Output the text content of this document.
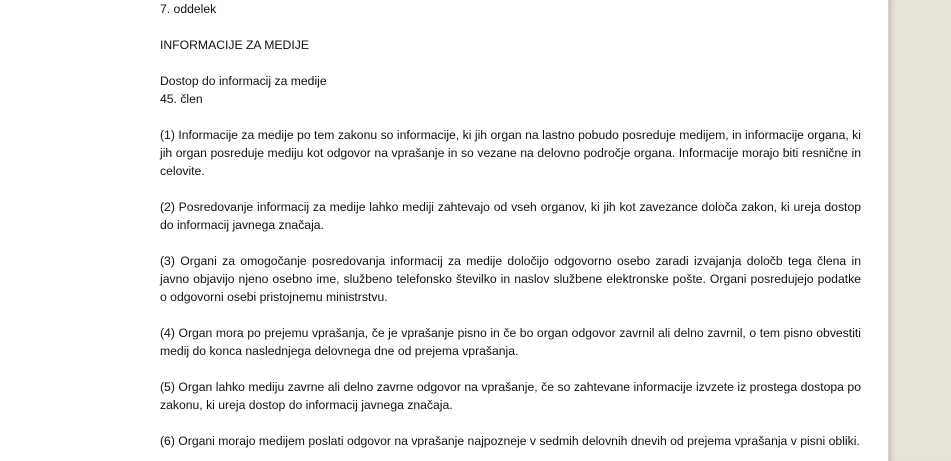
7. oddelek
INFORMACIJE ZA MEDIJE
Dostop do informacij za medije
45. člen

(1) Informacije za medije po tem zakonu so informacije, ki jih organ na lastno pobudo posreduje medijem, in informacije organa, ki jih organ posreduje mediju kot odgovor na vprašanje in so vezane na delovno področje organa. Informacije morajo biti resnične in celovite.

(2) Posredovanje informacij za medije lahko mediji zahtevajo od vseh organov, ki jih kot zavezance določa zakon, ki ureja dostop do informacij javnega značaja.

(3) Organi za omogočanje posredovanja informacij za medije določijo odgovorno osebo zaradi izvajanja določb tega člena in javno objavijo njeno osebno ime, službeno telefonsko številko in naslov službene elektronske pošte. Organi posredujejo podatke o odgovorni osebi pristojnemu ministrstvu.

(4) Organ mora po prejemu vprašanja, če je vprašanje pisno in če bo organ odgovor zavrnil ali delno zavrnil, o tem pisno obvestiti medij do konca naslednjega delovnega dne od prejema vprašanja.

(5) Organ lahko mediju zavrne ali delno zavrne odgovor na vprašanje, če so zahtevane informacije izvzete iz prostega dostopa po zakonu, ki ureja dostop do informacij javnega značaja.

(6) Organi morajo medijem poslati odgovor na vprašanje najpozneje v sedmih delovnih dnevih od prejema vprašanja v pisni obliki.
